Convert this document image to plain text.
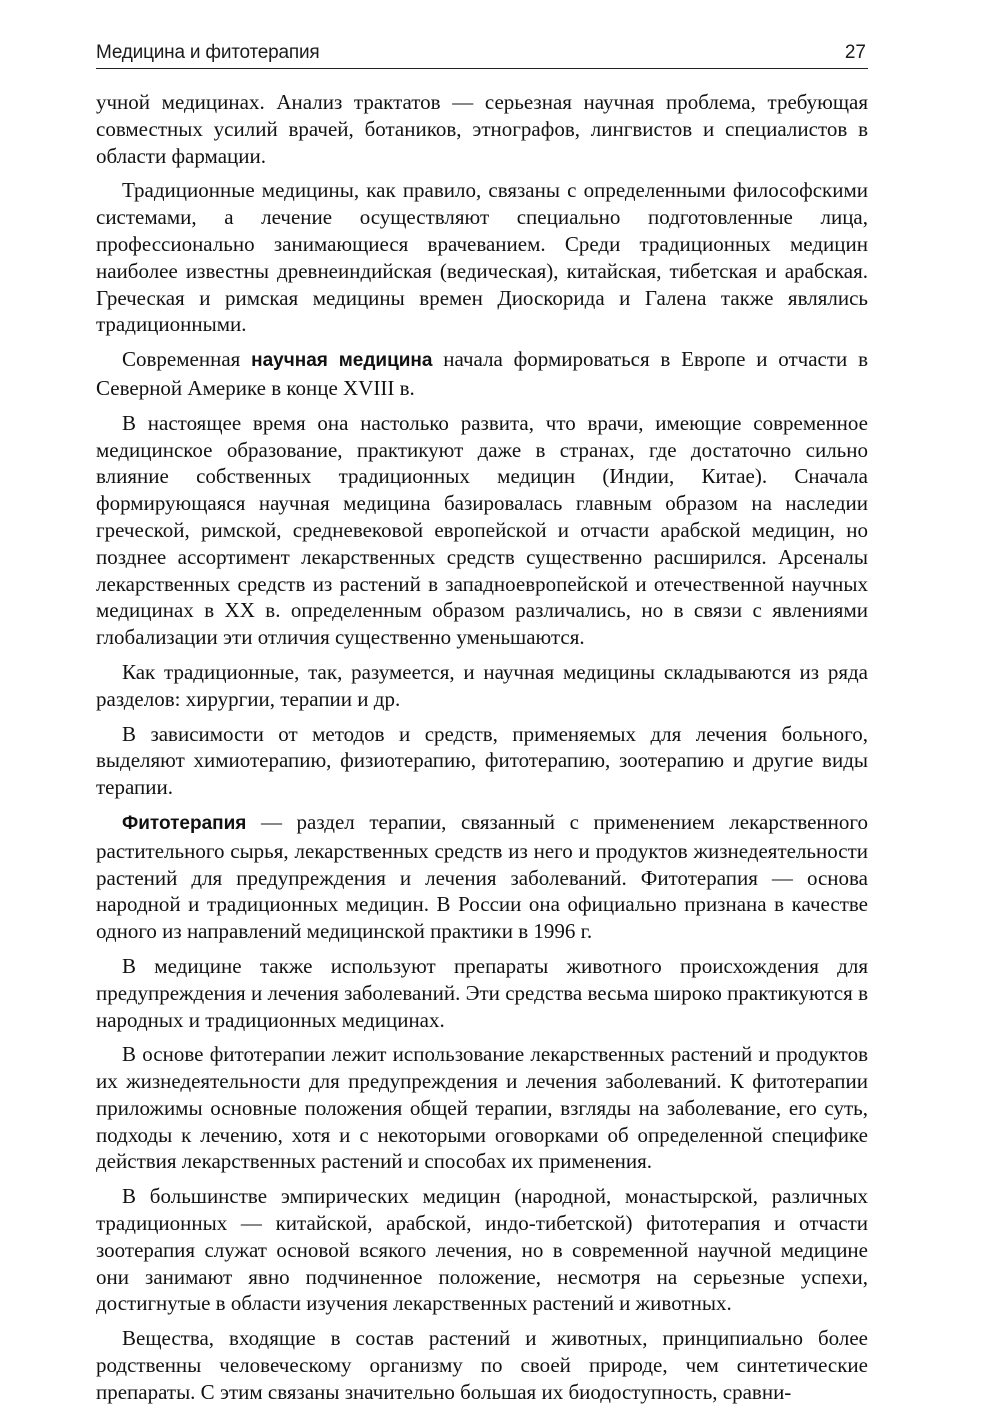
Медицина и фитотерапия	27

учной медицинах. Анализ трактатов — серьезная научная проблема, требующая совместных усилий врачей, ботаников, этнографов, лингвистов и специалистов в области фармации.

Традиционные медицины, как правило, связаны с определенными философскими системами, а лечение осуществляют специально подготовленные лица, профессионально занимающиеся врачеванием. Среди традиционных медицин наиболее известны древнеиндийская (ведическая), китайская, тибетская и арабская. Греческая и римская медицины времен Диоскорида и Галена также являлись традиционными.

Современная научная медицина начала формироваться в Европе и отчасти в Северной Америке в конце XVIII в.

В настоящее время она настолько развита, что врачи, имеющие современное медицинское образование, практикуют даже в странах, где достаточно сильно влияние собственных традиционных медицин (Индии, Китае). Сначала формирующаяся научная медицина базировалась главным образом на наследии греческой, римской, средневековой европейской и отчасти арабской медицин, но позднее ассортимент лекарственных средств существенно расширился. Арсеналы лекарственных средств из растений в западноевропейской и отечественной научных медицинах в XX в. определенным образом различались, но в связи с явлениями глобализации эти отличия существенно уменьшаются.

Как традиционные, так, разумеется, и научная медицины складываются из ряда разделов: хирургии, терапии и др.

В зависимости от методов и средств, применяемых для лечения больного, выделяют химиотерапию, физиотерапию, фитотерапию, зоотерапию и другие виды терапии.

Фитотерапия — раздел терапии, связанный с применением лекарственного растительного сырья, лекарственных средств из него и продуктов жизнедеятельности растений для предупреждения и лечения заболеваний. Фитотерапия — основа народной и традиционных медицин. В России она официально признана в качестве одного из направлений медицинской практики в 1996 г.

В медицине также используют препараты животного происхождения для предупреждения и лечения заболеваний. Эти средства весьма широко практикуются в народных и традиционных медицинах.

В основе фитотерапии лежит использование лекарственных растений и продуктов их жизнедеятельности для предупреждения и лечения заболеваний. К фитотерапии приложимы основные положения общей терапии, взгляды на заболевание, его суть, подходы к лечению, хотя и с некоторыми оговорками об определенной специфике действия лекарственных растений и способах их применения.

В большинстве эмпирических медицин (народной, монастырской, различных традиционных — китайской, арабской, индо-тибетской) фитотерапия и отчасти зоотерапия служат основой всякого лечения, но в современной научной медицине они занимают явно подчиненное положение, несмотря на серьезные успехи, достигнутые в области изучения лекарственных растений и животных.

Вещества, входящие в состав растений и животных, принципиально более родственны человеческому организму по своей природе, чем синтетические препараты. С этим связаны значительно большая их биодоступность, сравни-
